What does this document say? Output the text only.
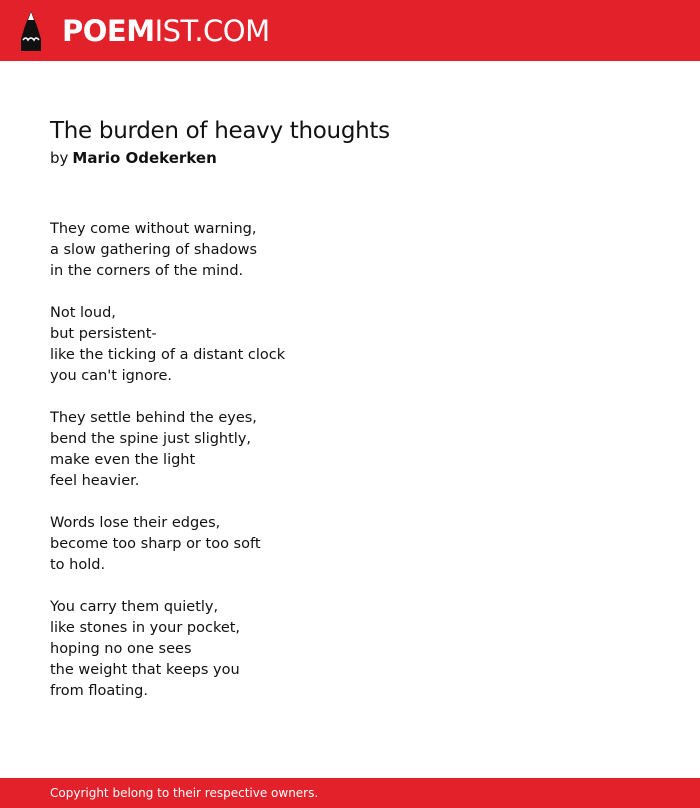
POEMIST.COM
The burden of heavy thoughts
by Mario Odekerken
They come without warning,
a slow gathering of shadows
in the corners of the mind.
Not loud,
but persistent-
like the ticking of a distant clock
you can't ignore.
They settle behind the eyes,
bend the spine just slightly,
make even the light
feel heavier.
Words lose their edges,
become too sharp or too soft
to hold.
You carry them quietly,
like stones in your pocket,
hoping no one sees
the weight that keeps you
from floating.
Copyright belong to their respective owners.
